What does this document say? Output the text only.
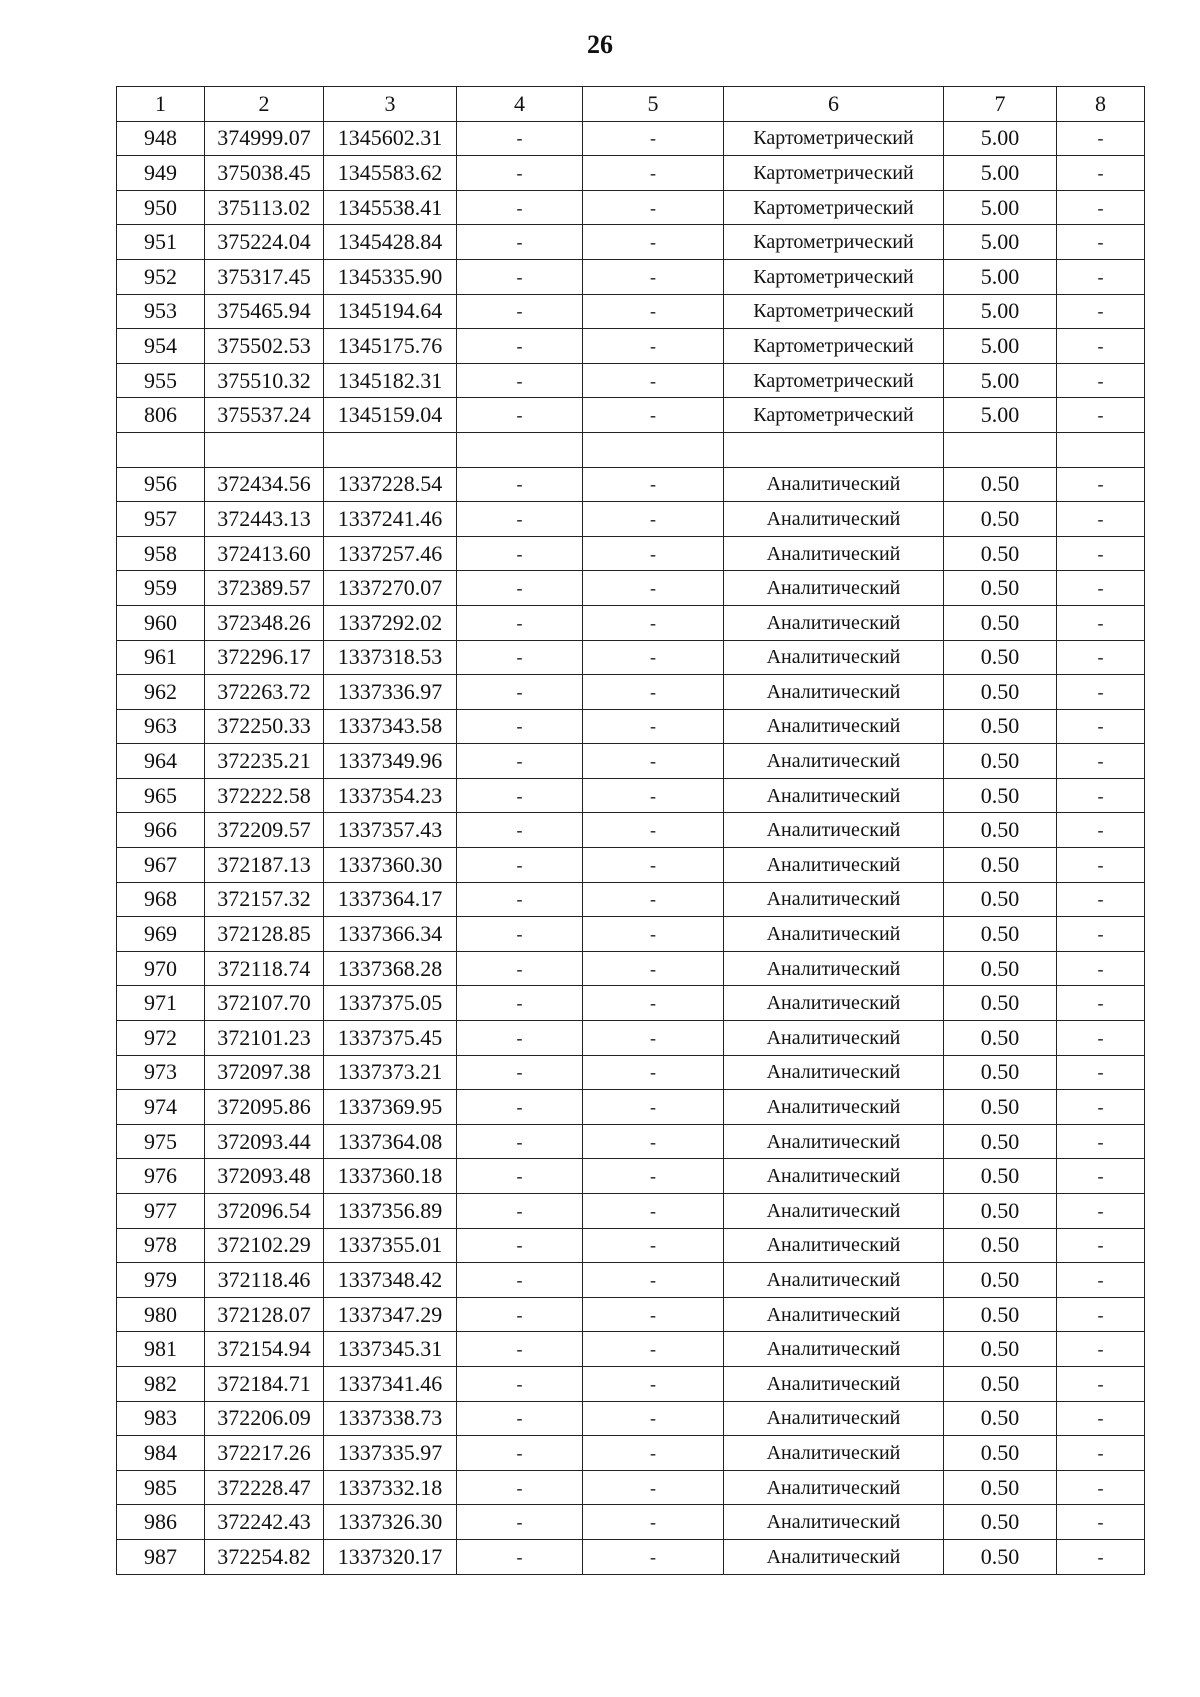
26
1	2	3	4	5	6	7	8
948	374999.07	1345602.31	-	-	Картометрический	5.00	-
949	375038.45	1345583.62	-	-	Картометрический	5.00	-
950	375113.02	1345538.41	-	-	Картометрический	5.00	-
951	375224.04	1345428.84	-	-	Картометрический	5.00	-
952	375317.45	1345335.90	-	-	Картометрический	5.00	-
953	375465.94	1345194.64	-	-	Картометрический	5.00	-
954	375502.53	1345175.76	-	-	Картометрический	5.00	-
955	375510.32	1345182.31	-	-	Картометрический	5.00	-
806	375537.24	1345159.04	-	-	Картометрический	5.00	-

956	372434.56	1337228.54	-	-	Аналитический	0.50	-
957	372443.13	1337241.46	-	-	Аналитический	0.50	-
958	372413.60	1337257.46	-	-	Аналитический	0.50	-
959	372389.57	1337270.07	-	-	Аналитический	0.50	-
960	372348.26	1337292.02	-	-	Аналитический	0.50	-
961	372296.17	1337318.53	-	-	Аналитический	0.50	-
962	372263.72	1337336.97	-	-	Аналитический	0.50	-
963	372250.33	1337343.58	-	-	Аналитический	0.50	-
964	372235.21	1337349.96	-	-	Аналитический	0.50	-
965	372222.58	1337354.23	-	-	Аналитический	0.50	-
966	372209.57	1337357.43	-	-	Аналитический	0.50	-
967	372187.13	1337360.30	-	-	Аналитический	0.50	-
968	372157.32	1337364.17	-	-	Аналитический	0.50	-
969	372128.85	1337366.34	-	-	Аналитический	0.50	-
970	372118.74	1337368.28	-	-	Аналитический	0.50	-
971	372107.70	1337375.05	-	-	Аналитический	0.50	-
972	372101.23	1337375.45	-	-	Аналитический	0.50	-
973	372097.38	1337373.21	-	-	Аналитический	0.50	-
974	372095.86	1337369.95	-	-	Аналитический	0.50	-
975	372093.44	1337364.08	-	-	Аналитический	0.50	-
976	372093.48	1337360.18	-	-	Аналитический	0.50	-
977	372096.54	1337356.89	-	-	Аналитический	0.50	-
978	372102.29	1337355.01	-	-	Аналитический	0.50	-
979	372118.46	1337348.42	-	-	Аналитический	0.50	-
980	372128.07	1337347.29	-	-	Аналитический	0.50	-
981	372154.94	1337345.31	-	-	Аналитический	0.50	-
982	372184.71	1337341.46	-	-	Аналитический	0.50	-
983	372206.09	1337338.73	-	-	Аналитический	0.50	-
984	372217.26	1337335.97	-	-	Аналитический	0.50	-
985	372228.47	1337332.18	-	-	Аналитический	0.50	-
986	372242.43	1337326.30	-	-	Аналитический	0.50	-
987	372254.82	1337320.17	-	-	Аналитический	0.50	-
